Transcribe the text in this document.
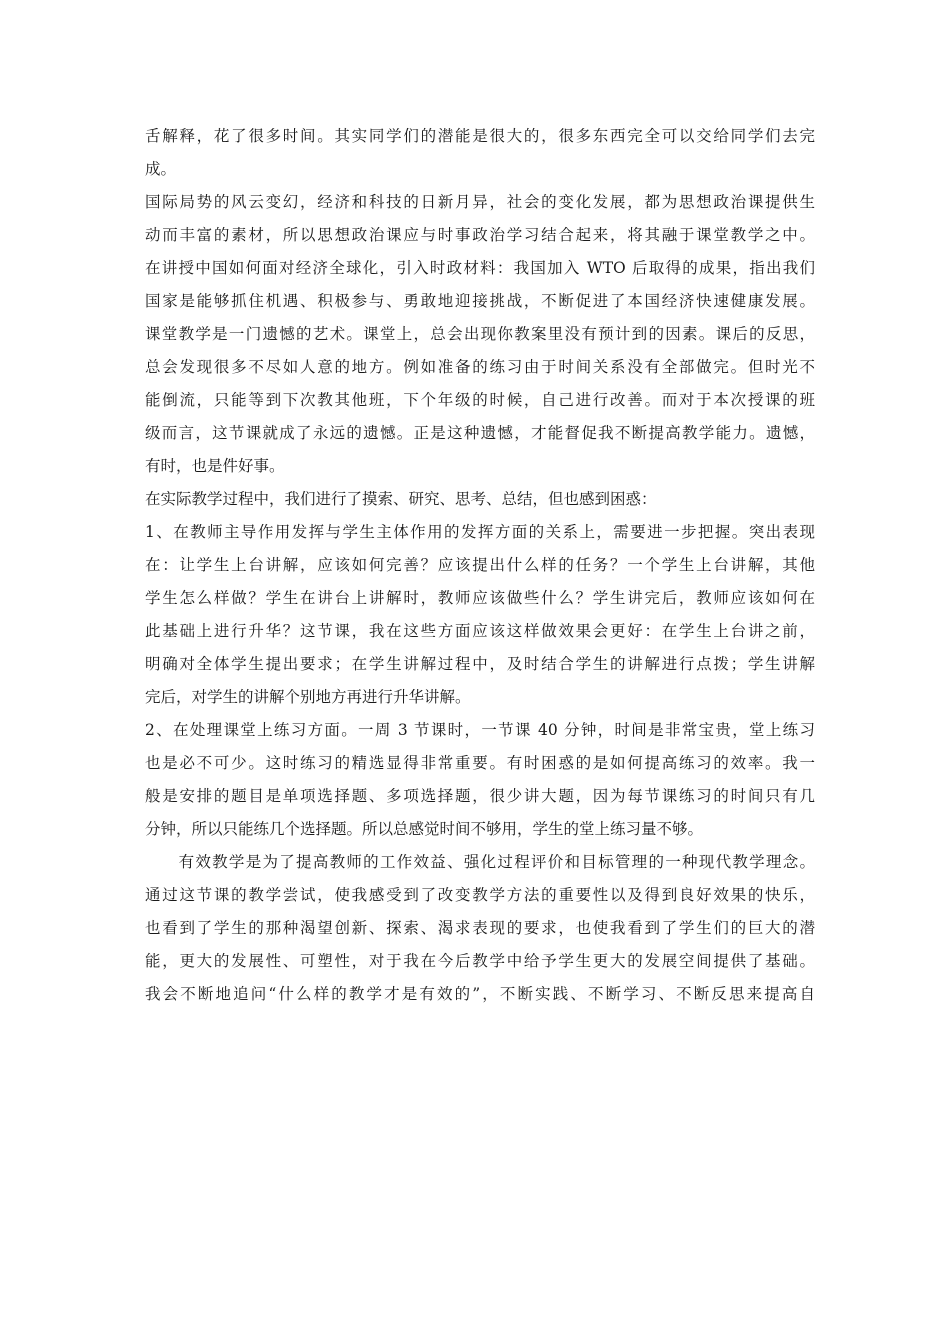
舌解释，花了很多时间。其实同学们的潜能是很大的，很多东西完全可以交给同学们去完
成。
国际局势的风云变幻，经济和科技的日新月异，社会的变化发展，都为思想政治课提供生
动而丰富的素材，所以思想政治课应与时事政治学习结合起来，将其融于课堂教学之中。
在讲授中国如何面对经济全球化，引入时政材料：我国加入 WTO 后取得的成果，指出我们
国家是能够抓住机遇、积极参与、勇敢地迎接挑战，不断促进了本国经济快速健康发展。
课堂教学是一门遗憾的艺术。课堂上，总会出现你教案里没有预计到的因素。课后的反思，
总会发现很多不尽如人意的地方。例如准备的练习由于时间关系没有全部做完。但时光不
能倒流，只能等到下次教其他班，下个年级的时候，自己进行改善。而对于本次授课的班
级而言，这节课就成了永远的遗憾。正是这种遗憾，才能督促我不断提高教学能力。遗憾，
有时，也是件好事。
在实际教学过程中，我们进行了摸索、研究、思考、总结，但也感到困惑：
1、在教师主导作用发挥与学生主体作用的发挥方面的关系上，需要进一步把握。突出表现
在：让学生上台讲解，应该如何完善？应该提出什么样的任务？一个学生上台讲解，其他
学生怎么样做？学生在讲台上讲解时，教师应该做些什么？学生讲完后，教师应该如何在
此基础上进行升华？这节课，我在这些方面应该这样做效果会更好：在学生上台讲之前，
明确对全体学生提出要求；在学生讲解过程中，及时结合学生的讲解进行点拨；学生讲解
完后，对学生的讲解个别地方再进行升华讲解。
2、在处理课堂上练习方面。一周 3 节课时，一节课 40 分钟，时间是非常宝贵，堂上练习
也是必不可少。这时练习的精选显得非常重要。有时困惑的是如何提高练习的效率。我一
般是安排的题目是单项选择题、多项选择题，很少讲大题，因为每节课练习的时间只有几
分钟，所以只能练几个选择题。所以总感觉时间不够用，学生的堂上练习量不够。
　　有效教学是为了提高教师的工作效益、强化过程评价和目标管理的一种现代教学理念。
通过这节课的教学尝试，使我感受到了改变教学方法的重要性以及得到良好效果的快乐，
也看到了学生的那种渴望创新、探索、渴求表现的要求，也使我看到了学生们的巨大的潜
能，更大的发展性、可塑性，对于我在今后教学中给予学生更大的发展空间提供了基础。
我会不断地追问“什么样的教学才是有效的”，不断实践、不断学习、不断反思来提高自
